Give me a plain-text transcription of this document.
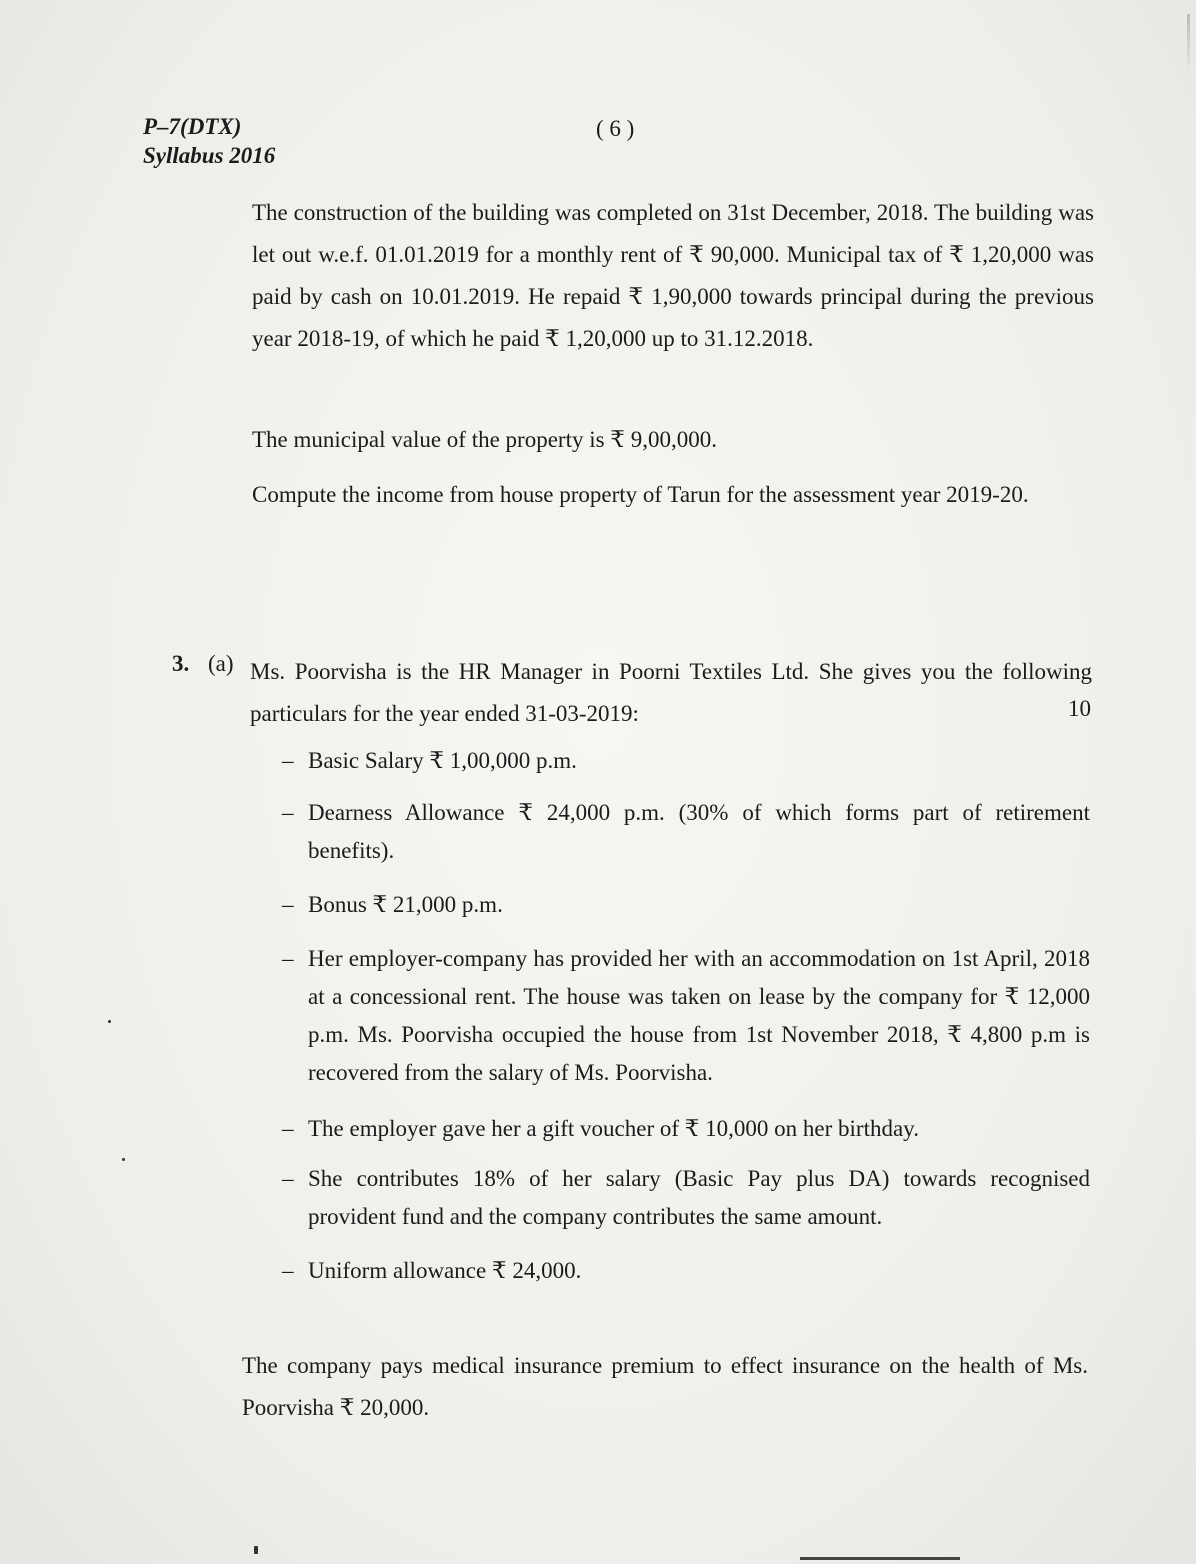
P–7(DTX)
Syllabus 2016
( 6 )

The construction of the building was completed on 31st December, 2018. The building was let out w.e.f. 01.01.2019 for a monthly rent of ₹ 90,000. Municipal tax of ₹ 1,20,000 was paid by cash on 10.01.2019. He repaid ₹ 1,90,000 towards principal during the previous year 2018-19, of which he paid ₹ 1,20,000 up to 31.12.2018.

The municipal value of the property is ₹ 9,00,000.

Compute the income from house property of Tarun for the assessment year 2019-20.

3. (a) Ms. Poorvisha is the HR Manager in Poorni Textiles Ltd. She gives you the following particulars for the year ended 31-03-2019:	10
– Basic Salary ₹ 1,00,000 p.m.
– Dearness Allowance ₹ 24,000 p.m. (30% of which forms part of retirement benefits).
– Bonus ₹ 21,000 p.m.
– Her employer-company has provided her with an accommodation on 1st April, 2018 at a concessional rent. The house was taken on lease by the company for ₹ 12,000 p.m. Ms. Poorvisha occupied the house from 1st November 2018, ₹ 4,800 p.m is recovered from the salary of Ms. Poorvisha.
– The employer gave her a gift voucher of ₹ 10,000 on her birthday.
– She contributes 18% of her salary (Basic Pay plus DA) towards recognised provident fund and the company contributes the same amount.
– Uniform allowance ₹ 24,000.

The company pays medical insurance premium to effect insurance on the health of Ms. Poorvisha ₹ 20,000.
